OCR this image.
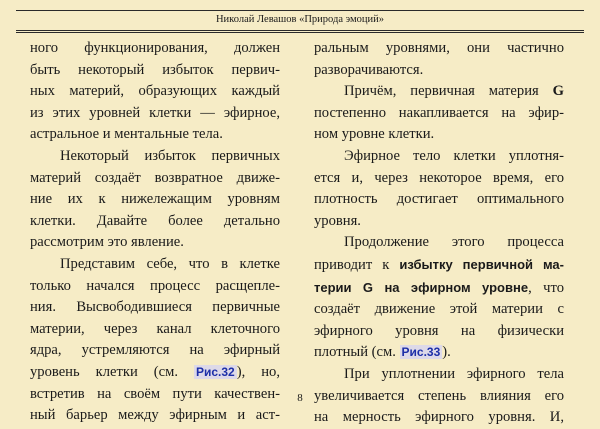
Николай Левашов «Природа эмоций»

ного функционирования, должен
быть некоторый избыток первич-
ных материй, образующих каждый
из этих уровней клетки — эфирное,
астральное и ментальные тела.

Некоторый избыток первичных
материй создаёт возвратное движе-
ние их к нижележащим уровням
клетки. Давайте более детально
рассмотрим это явление.

Представим себе, что в клетке
только начался процесс расщепле-
ния. Высвободившиеся первичные
материи, через канал клеточного
ядра, устремляются на эфирный
уровень клетки (см. Рис.32 ), но,
встретив на своём пути качествен-
ный барьер между эфирным и аст-

ральным уровнями, они частично
разворачиваются.

Причём, первичная материя G
постепенно накапливается на эфир-
ном уровне клетки.

Эфирное тело клетки уплотня-
ется и, через некоторое время, его
плотность достигает оптимального
уровня.

Продолжение этого процесса
приводит к избытку первичной ма-
терии G на эфирном уровне, что
создаёт движение этой материи с
эфирного уровня на физически
плотный (см. Рис.33 ).

При уплотнении эфирного тела
увеличивается степень влияния его
на мерность эфирного уровня. И,

8
